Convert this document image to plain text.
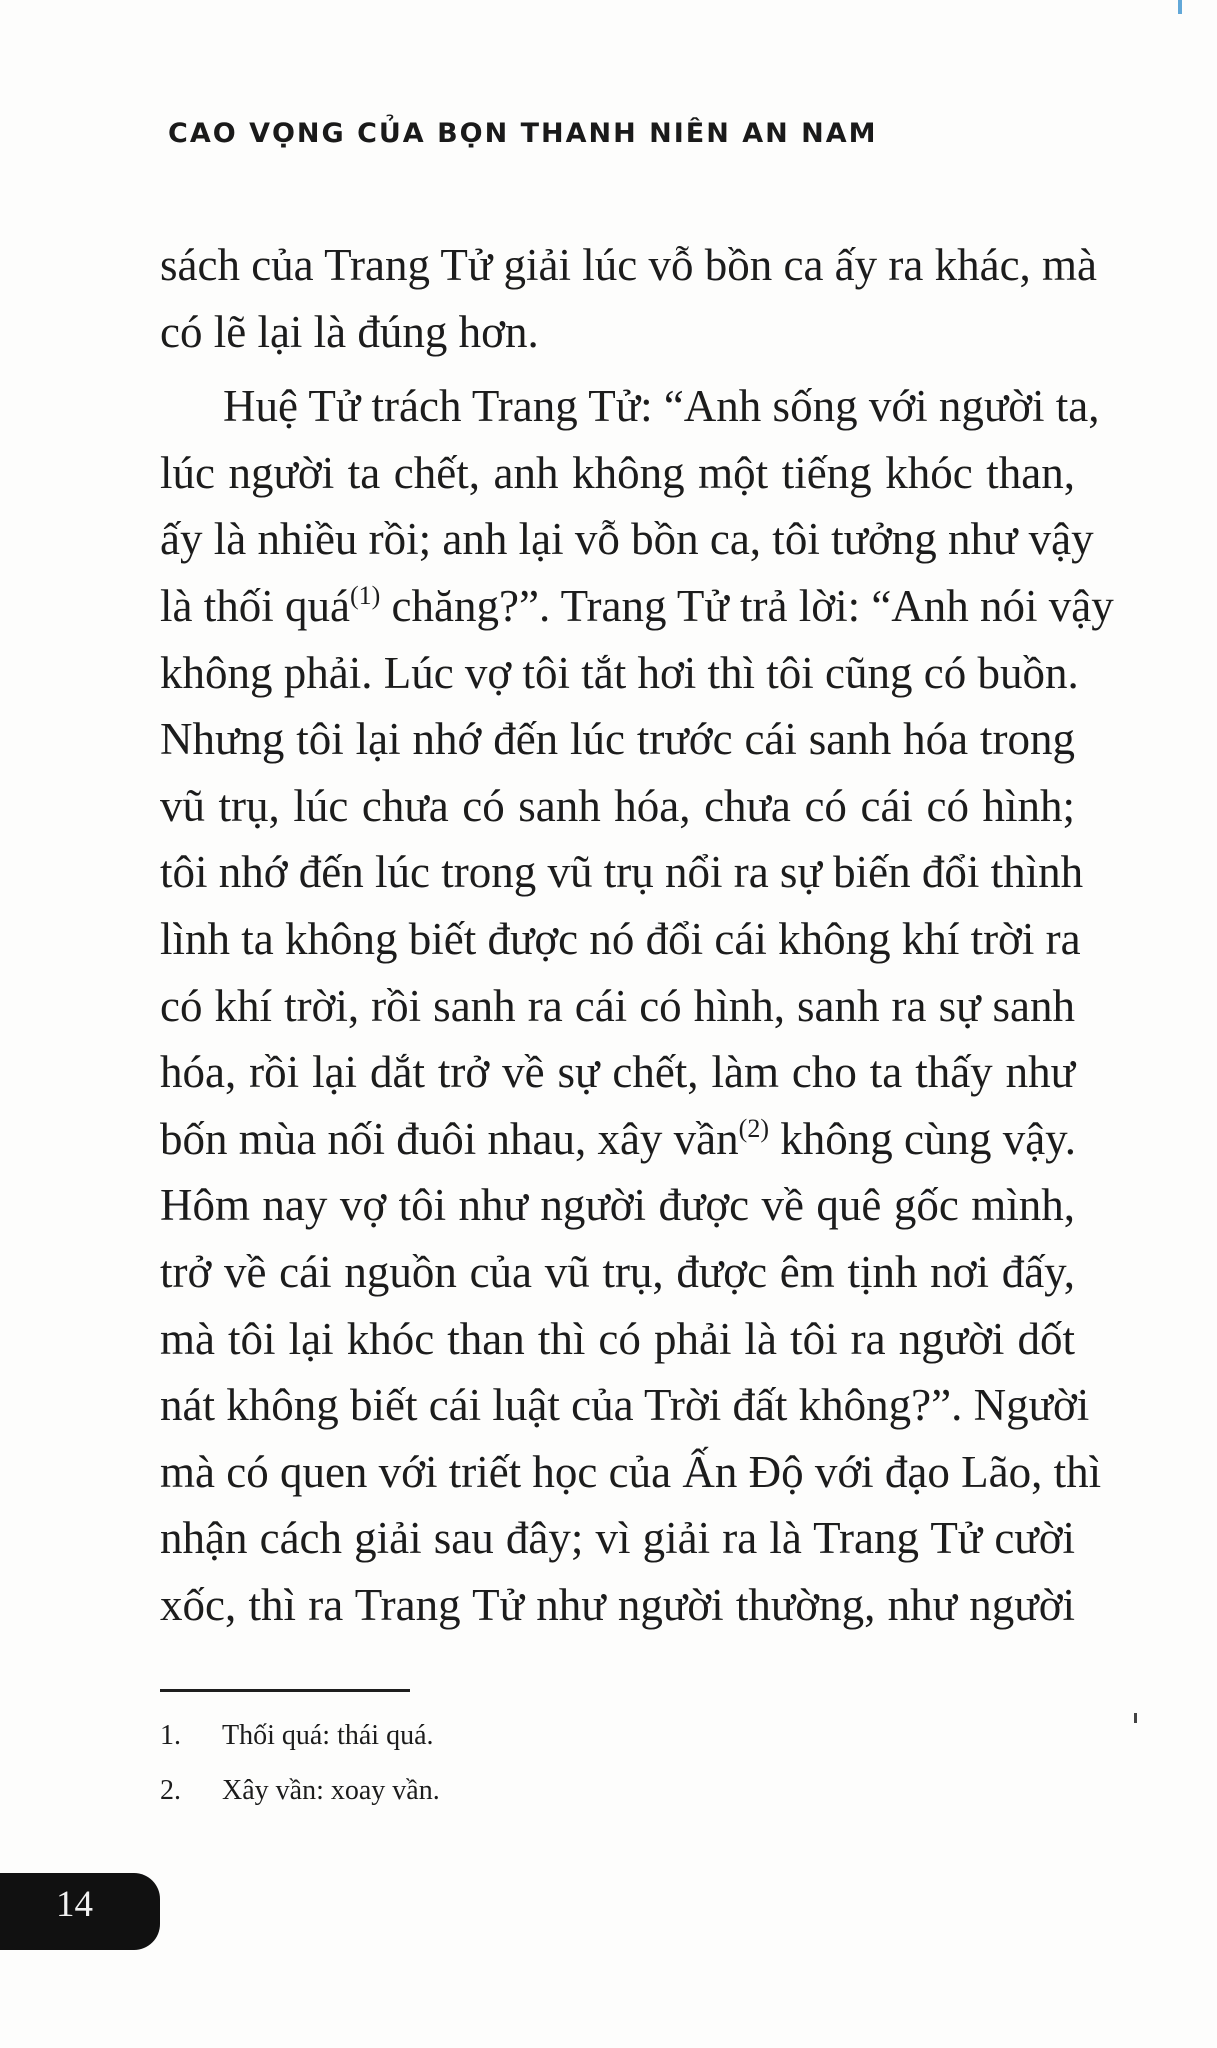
CAO VỌNG CỦA BỌN THANH NIÊN AN NAM

sách của Trang Tử giải lúc vỗ bồn ca ấy ra khác, mà
có lẽ lại là đúng hơn.

Huệ Tử trách Trang Tử: “Anh sống với người ta,
lúc người ta chết, anh không một tiếng khóc than,
ấy là nhiều rồi; anh lại vỗ bồn ca, tôi tưởng như vậy
là thối quá$^{(1)}$ chăng?”. Trang Tử trả lời: “Anh nói vậy
không phải. Lúc vợ tôi tắt hơi thì tôi cũng có buồn.
Nhưng tôi lại nhớ đến lúc trước cái sanh hóa trong
vũ trụ, lúc chưa có sanh hóa, chưa có cái có hình;
tôi nhớ đến lúc trong vũ trụ nổi ra sự biến đổi thình
lình ta không biết được nó đổi cái không khí trời ra
có khí trời, rồi sanh ra cái có hình, sanh ra sự sanh
hóa, rồi lại dắt trở về sự chết, làm cho ta thấy như
bốn mùa nối đuôi nhau, xây vần$^{(2)}$ không cùng vậy.
Hôm nay vợ tôi như người được về quê gốc mình,
trở về cái nguồn của vũ trụ, được êm tịnh nơi đấy,
mà tôi lại khóc than thì có phải là tôi ra người dốt
nát không biết cái luật của Trời đất không?”. Người
mà có quen với triết học của Ấn Độ với đạo Lão, thì
nhận cách giải sau đây; vì giải ra là Trang Tử cười
xốc, thì ra Trang Tử như người thường, như người

1.	Thối quá: thái quá.
2.	Xây vần: xoay vần.
14
